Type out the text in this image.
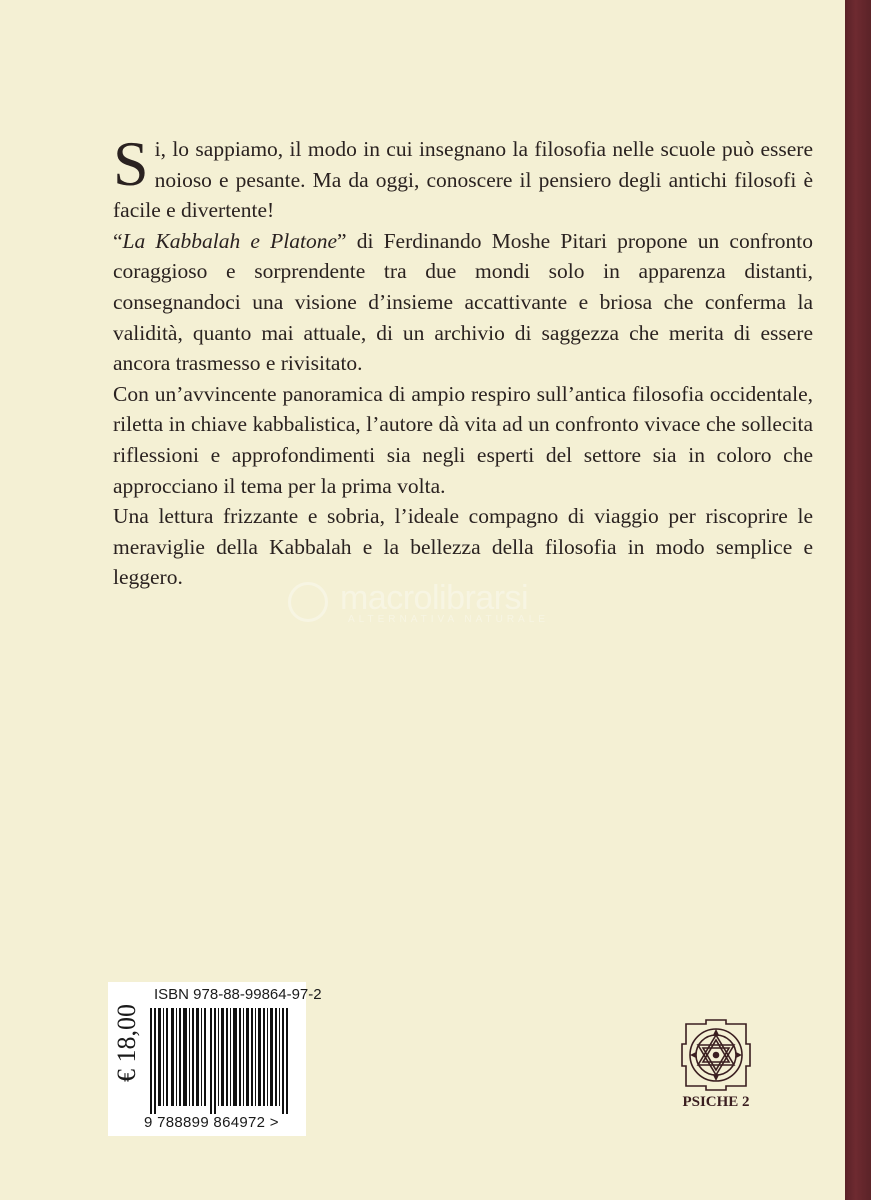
Si, lo sappiamo, il modo in cui insegnano la filosofia nelle scuole può essere noioso e pesante. Ma da oggi, conoscere il pensiero degli antichi filosofi è facile e divertente!

“La Kabbalah e Platone” di Ferdinando Moshe Pitari propone un confronto coraggioso e sorprendente tra due mondi solo in apparenza distanti, consegnandoci una visione d’insieme accattivante e briosa che conferma la validità, quanto mai attuale, di un archivio di saggezza che merita di essere ancora trasmesso e rivisitato.

Con un’avvincente panoramica di ampio respiro sull’antica filosofia occidentale, riletta in chiave kabbalistica, l’autore dà vita ad un confronto vivace che sollecita riflessioni e approfondimenti sia negli esperti del settore sia in coloro che approcciano il tema per la prima volta.

Una lettura frizzante e sobria, l’ideale compagno di viaggio per riscoprire le meraviglie della Kabbalah e la bellezza della filosofia in modo semplice e leggero.

macrolibrarsi
ALTERNATIVA NATURALE
ISBN 978-88-99864-97-2
€ 18,00
9 788899 864972 >
PSICHE 2
